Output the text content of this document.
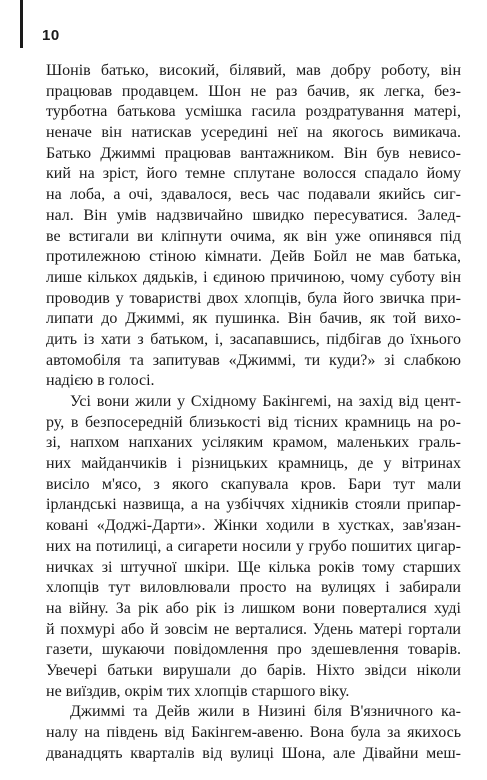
10
Шонів батько, високий, білявий, мав добру роботу, він
працював продавцем. Шон не раз бачив, як легка, без-
турботна батькова усмішка гасила роздратування матері,
неначе він натискав усередині неї на якогось вимикача.
Батько Джиммі працював вантажником. Він був невисо-
кий на зріст, його темне сплутане волосся спадало йому
на лоба, а очі, здавалося, весь час подавали якийсь сиг-
нал. Він умів надзвичайно швидко пересуватися. Залед-
ве встигали ви кліпнути очима, як він уже опинявся під
протилежною стіною кімнати. Дейв Бойл не мав батька,
лише кількох дядьків, і єдиною причиною, чому суботу він
проводив у товаристві двох хлопців, була його звичка при-
липати до Джиммі, як пушинка. Він бачив, як той вихо-
дить із хати з батьком, і, засапавшись, підбігав до їхнього
автомобіля та запитував «Джиммі, ти куди?» зі слабкою
надією в голосі.
Усі вони жили у Східному Бакінгемі, на захід від цент-
ру, в безпосередній близькості від тісних крамниць на ро-
зі, напхом напханих усіляким крамом, маленьких граль-
них майданчиків і різницьких крамниць, де у вітринах
висіло м'ясо, з якого скапувала кров. Бари тут мали
ірландські назвища, а на узбіччях хідників стояли припар-
ковані «Доджі-Дарти». Жінки ходили в хустках, зав'язан-
них на потилиці, а сигарети носили у грубо пошитих цигар-
ничках зі штучної шкіри. Ще кілька років тому старших
хлопців тут виловлювали просто на вулицях і забирали
на війну. За рік або рік із лишком вони поверталися худі
й похмурі або й зовсім не верталися. Удень матері гортали
газети, шукаючи повідомлення про здешевлення товарів.
Увечері батьки вирушали до барів. Ніхто звідси ніколи
не виїздив, окрім тих хлопців старшого віку.
Джиммі та Дейв жили в Низині біля В'язничного ка-
налу на південь від Бакінгем-авеню. Вона була за якихось
дванадцять кварталів від вулиці Шона, але Дівайни меш-
